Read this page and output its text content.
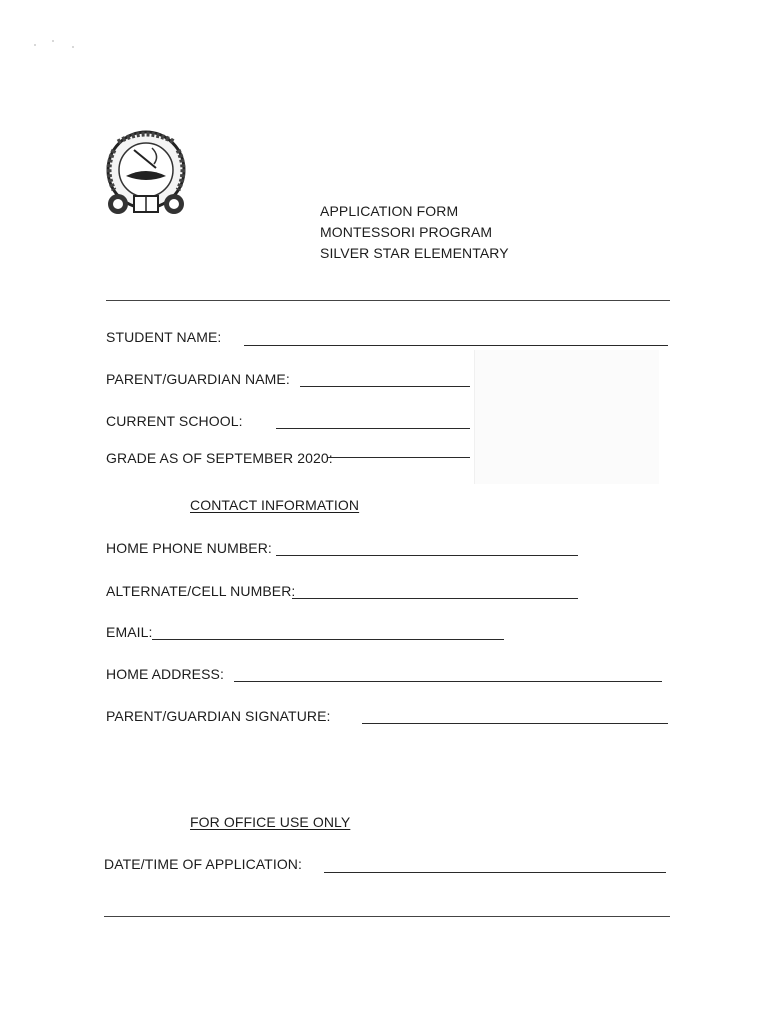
APPLICATION FORM
MONTESSORI PROGRAM
SILVER STAR ELEMENTARY
STUDENT NAME:
PARENT/GUARDIAN NAME:
CURRENT SCHOOL:
GRADE AS OF SEPTEMBER 2020:
CONTACT INFORMATION
HOME PHONE NUMBER:
ALTERNATE/CELL NUMBER:
EMAIL:
HOME ADDRESS:
PARENT/GUARDIAN SIGNATURE:
FOR OFFICE USE ONLY
DATE/TIME OF APPLICATION:
